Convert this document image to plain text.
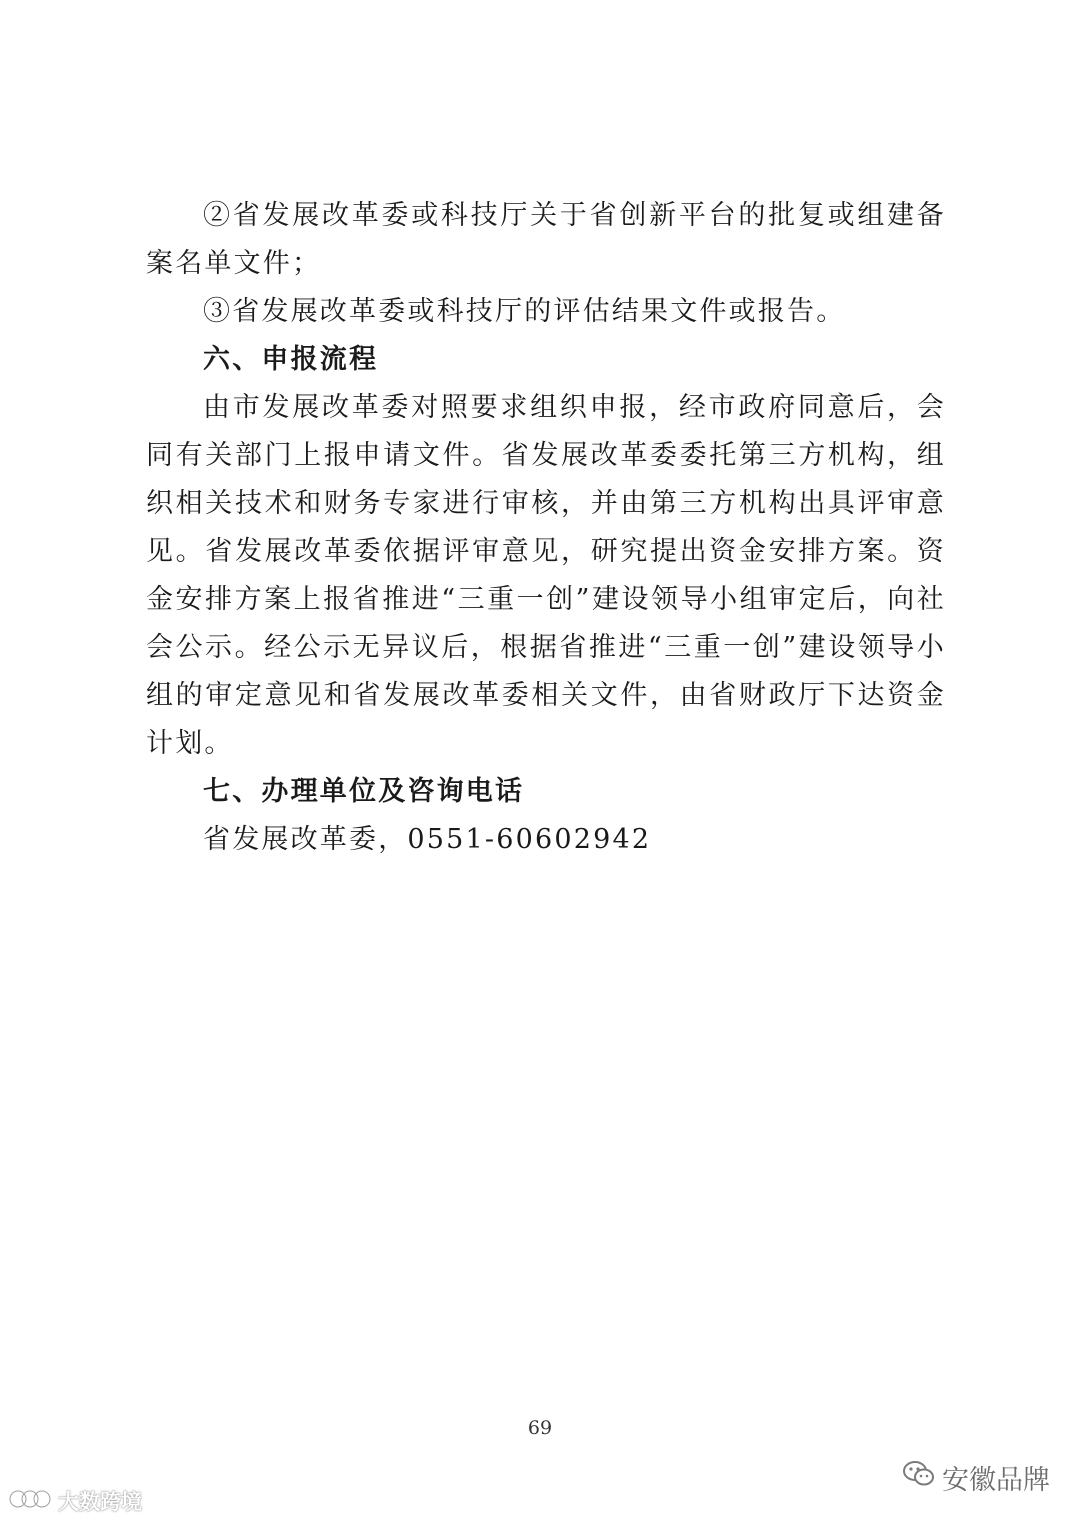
②省发展改革委或科技厅关于省创新平台的批复或组建备案名单文件；

③省发展改革委或科技厅的评估结果文件或报告。

六、申报流程

由市发展改革委对照要求组织申报，经市政府同意后，会同有关部门上报申请文件。省发展改革委委托第三方机构，组织相关技术和财务专家进行审核，并由第三方机构出具评审意见。省发展改革委依据评审意见，研究提出资金安排方案。资金安排方案上报省推进“三重一创”建设领导小组审定后，向社会公示。经公示无异议后，根据省推进“三重一创”建设领导小组的审定意见和省发展改革委相关文件，由省财政厅下达资金计划。

七、办理单位及咨询电话

省发展改革委，0551-60602942

69
安徽品牌
大数跨境
